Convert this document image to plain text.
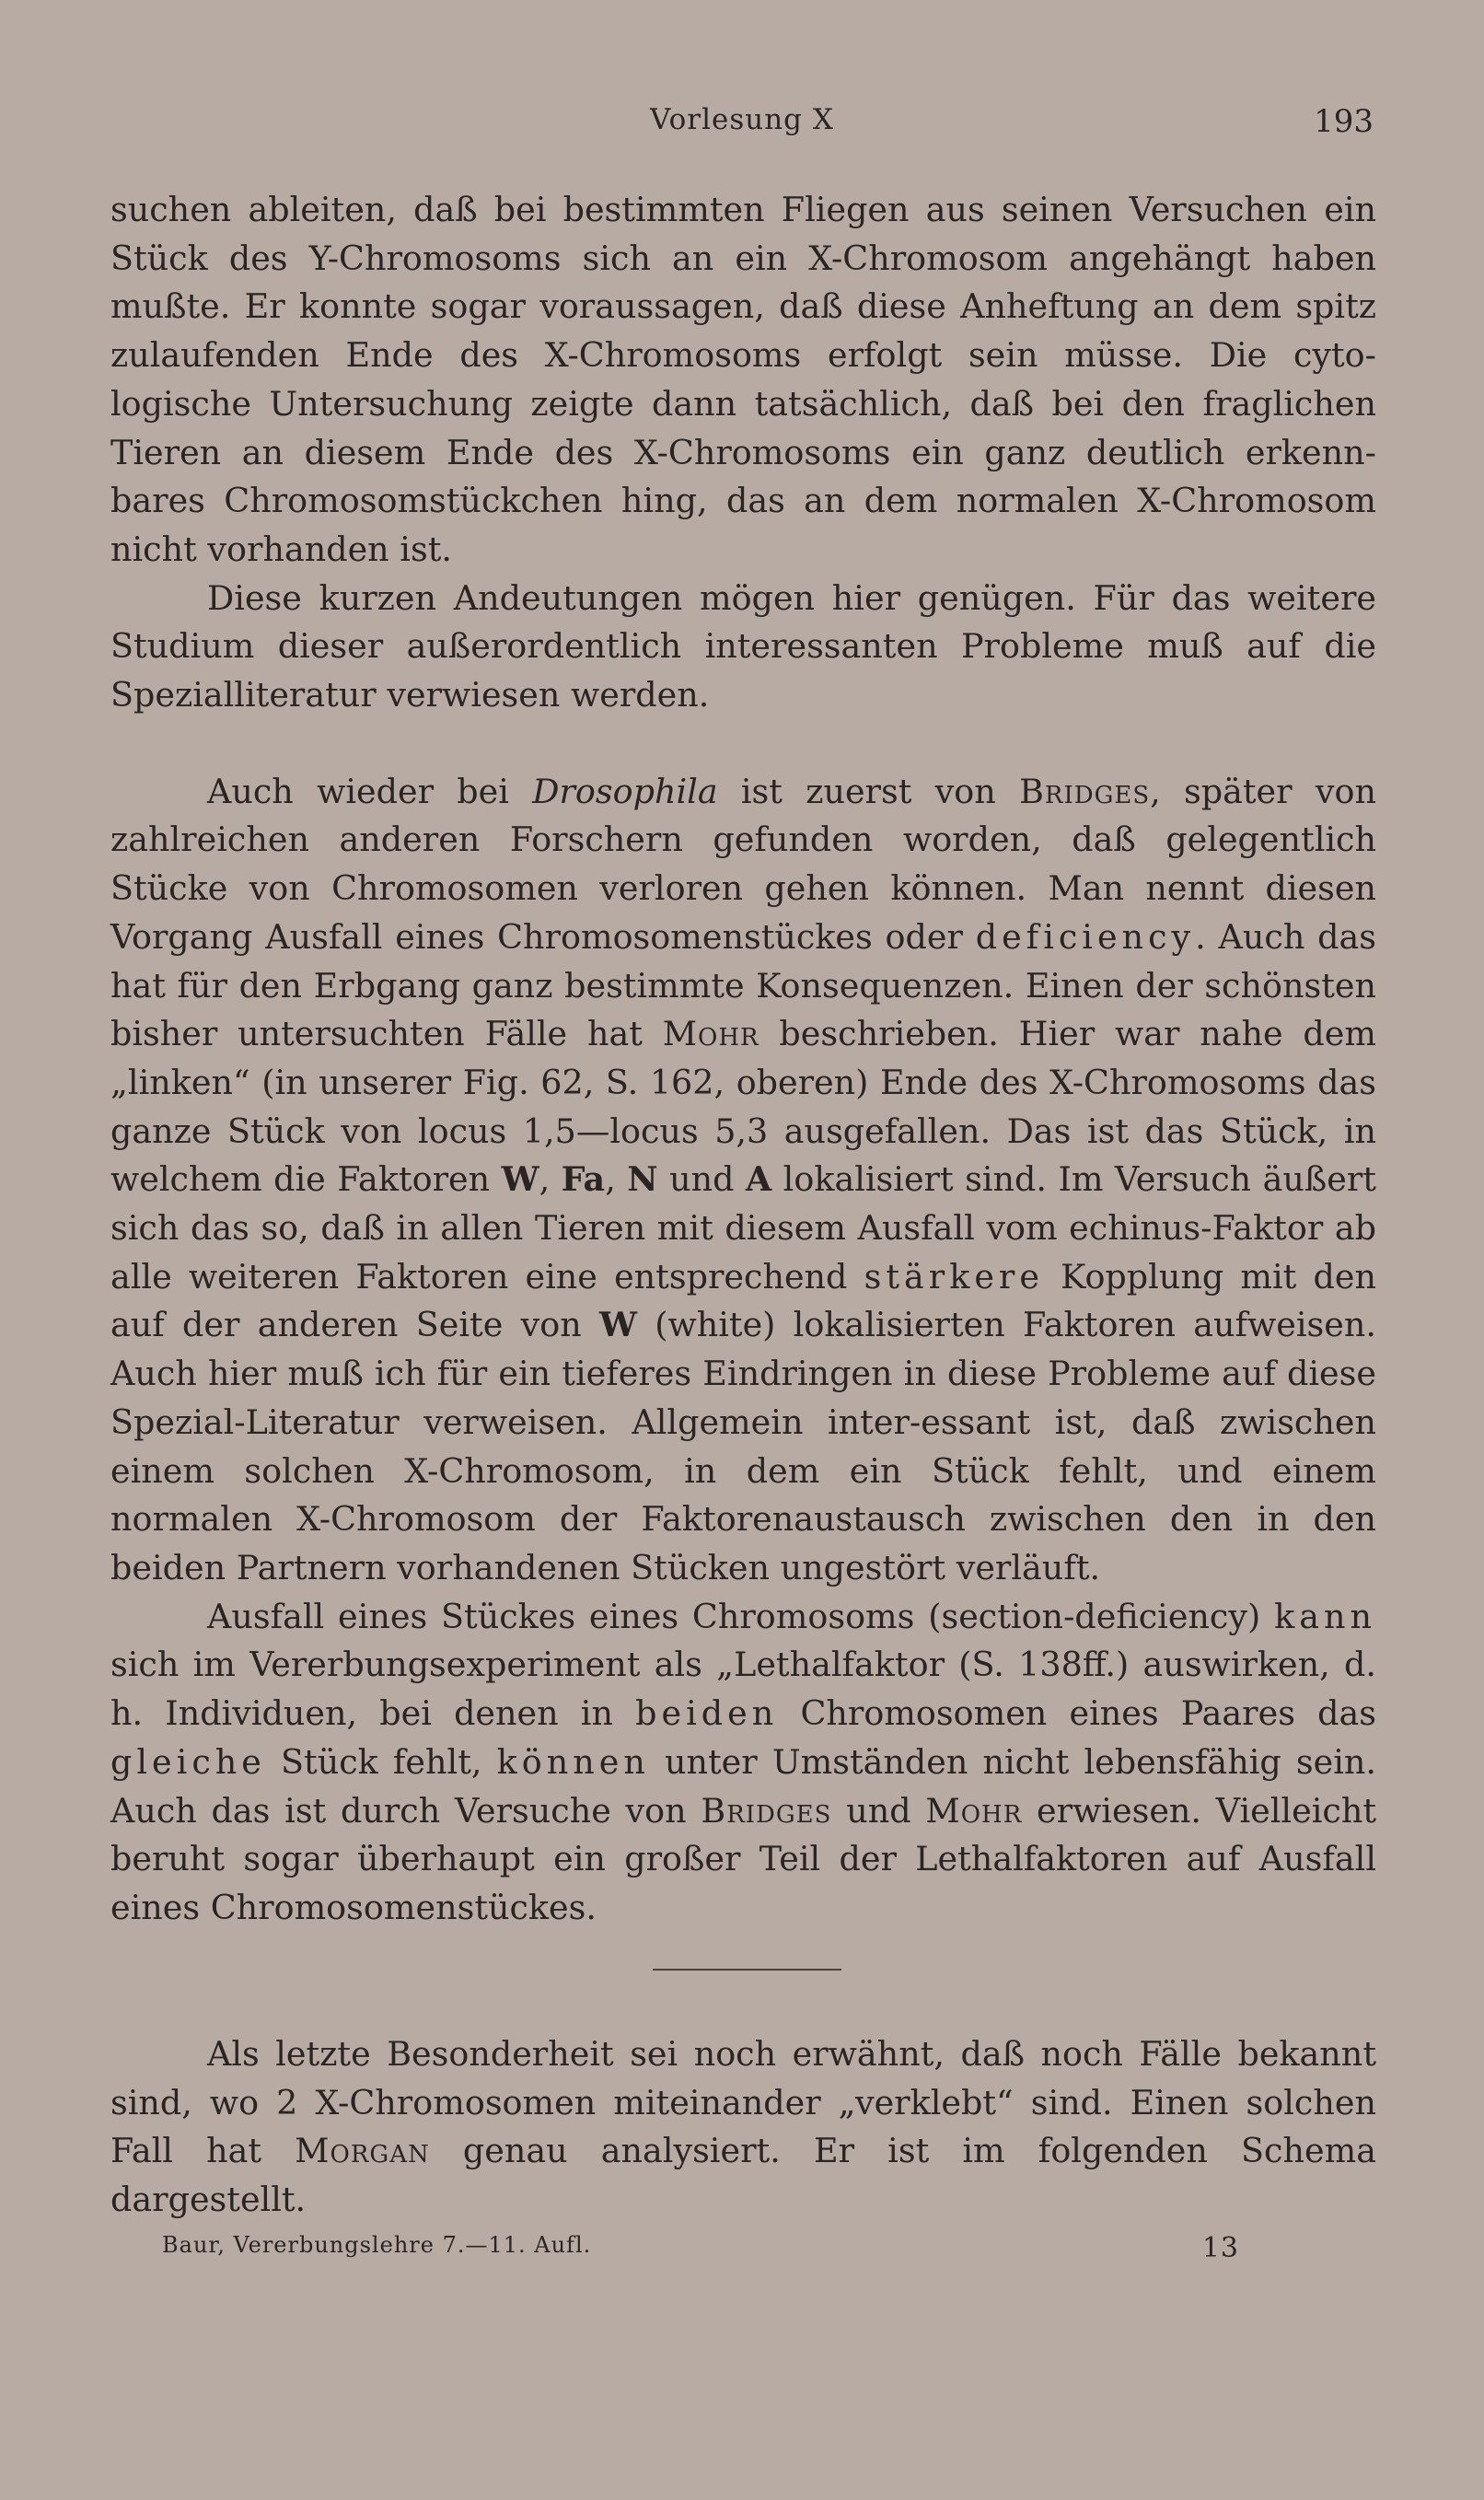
Vorlesung X	193

suchen ableiten, daß bei bestimmten Fliegen aus seinen Versuchen ein Stück des Y-Chromosoms sich an ein X-Chromosom angehängt haben mußte. Er konnte sogar voraussagen, daß diese Anheftung an dem spitz zulaufenden Ende des X-Chromosoms erfolgt sein müsse. Die cyto-logische Untersuchung zeigte dann tatsächlich, daß bei den fraglichen Tieren an diesem Ende des X-Chromosoms ein ganz deutlich erkenn-bares Chromosomstückchen hing, das an dem normalen X-Chromosom nicht vorhanden ist.

Diese kurzen Andeutungen mögen hier genügen. Für das weitere Studium dieser außerordentlich interessanten Probleme muß auf die Spezialliteratur verwiesen werden.

Auch wieder bei Drosophila ist zuerst von Bridges, später von zahlreichen anderen Forschern gefunden worden, daß gelegentlich Stücke von Chromosomen verloren gehen können. Man nennt diesen Vorgang Ausfall eines Chromosomenstückes oder deficiency. Auch das hat für den Erbgang ganz bestimmte Konsequenzen. Einen der schönsten bisher untersuchten Fälle hat Mohr beschrieben. Hier war nahe dem „linken“ (in unserer Fig. 62, S. 162, oberen) Ende des X-Chromosoms das ganze Stück von locus 1,5—locus 5,3 ausgefallen. Das ist das Stück, in welchem die Faktoren W, Fa, N und A lokalisiert sind. Im Versuch äußert sich das so, daß in allen Tieren mit diesem Ausfall vom echinus-Faktor ab alle weiteren Faktoren eine entsprechend stärkere Kopplung mit den auf der anderen Seite von W (white) lokalisierten Faktoren aufweisen. Auch hier muß ich für ein tieferes Eindringen in diese Probleme auf diese Spezial-Literatur verweisen. Allgemein inter-essant ist, daß zwischen einem solchen X-Chromosom, in dem ein Stück fehlt, und einem normalen X-Chromosom der Faktorenaustausch zwischen den in den beiden Partnern vorhandenen Stücken ungestört verläuft.

Ausfall eines Stückes eines Chromosoms (section-deficiency) kann sich im Vererbungsexperiment als „Lethalfaktor (S. 138ff.) auswirken, d. h. Individuen, bei denen in beiden Chromosomen eines Paares das gleiche Stück fehlt, können unter Umständen nicht lebensfähig sein. Auch das ist durch Versuche von Bridges und Mohr erwiesen. Vielleicht beruht sogar überhaupt ein großer Teil der Lethalfaktoren auf Ausfall eines Chromosomenstückes.

Als letzte Besonderheit sei noch erwähnt, daß noch Fälle bekannt sind, wo 2 X-Chromosomen miteinander „verklebt“ sind. Einen solchen Fall hat Morgan genau analysiert. Er ist im folgenden Schema dargestellt.

Baur, Vererbungslehre 7.—11. Aufl.	13
